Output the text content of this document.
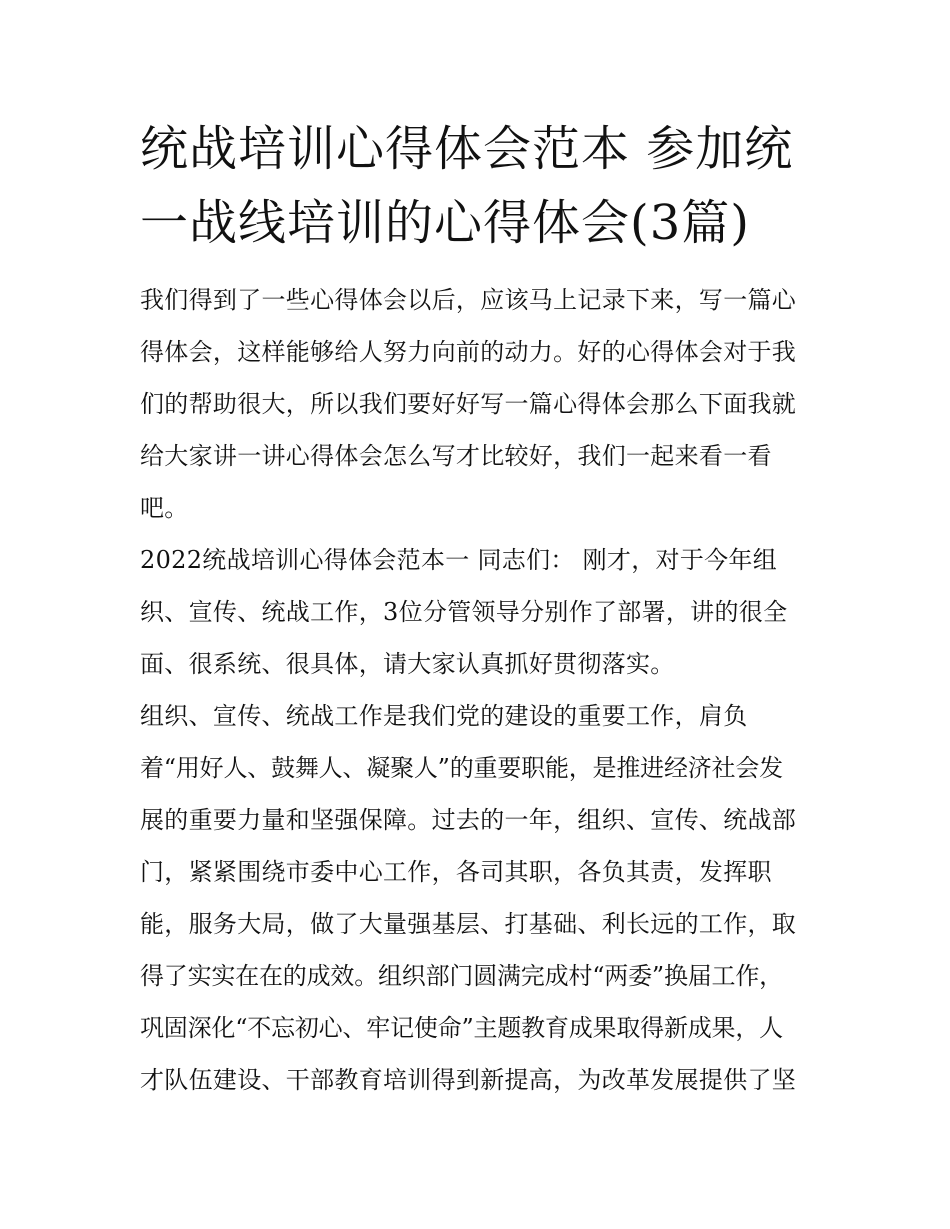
统战培训心得体会范本 参加统
一战线培训的心得体会(3篇)

我们得到了一些心得体会以后，应该马上记录下来，写一篇心
得体会，这样能够给人努力向前的动力。好的心得体会对于我
们的帮助很大，所以我们要好好写一篇心得体会那么下面我就
给大家讲一讲心得体会怎么写才比较好，我们一起来看一看
吧。

2022统战培训心得体会范本一 同志们： 刚才，对于今年组
织、宣传、统战工作，3位分管领导分别作了部署，讲的很全
面、很系统、很具体，请大家认真抓好贯彻落实。

组织、宣传、统战工作是我们党的建设的重要工作，肩负
着“用好人、鼓舞人、凝聚人”的重要职能，是推进经济社会发
展的重要力量和坚强保障。过去的一年，组织、宣传、统战部
门，紧紧围绕市委中心工作，各司其职，各负其责，发挥职
能，服务大局，做了大量强基层、打基础、利长远的工作，取
得了实实在在的成效。组织部门圆满完成村“两委”换届工作，
巩固深化“不忘初心、牢记使命”主题教育成果取得新成果，人
才队伍建设、干部教育培训得到新提高，为改革发展提供了坚
